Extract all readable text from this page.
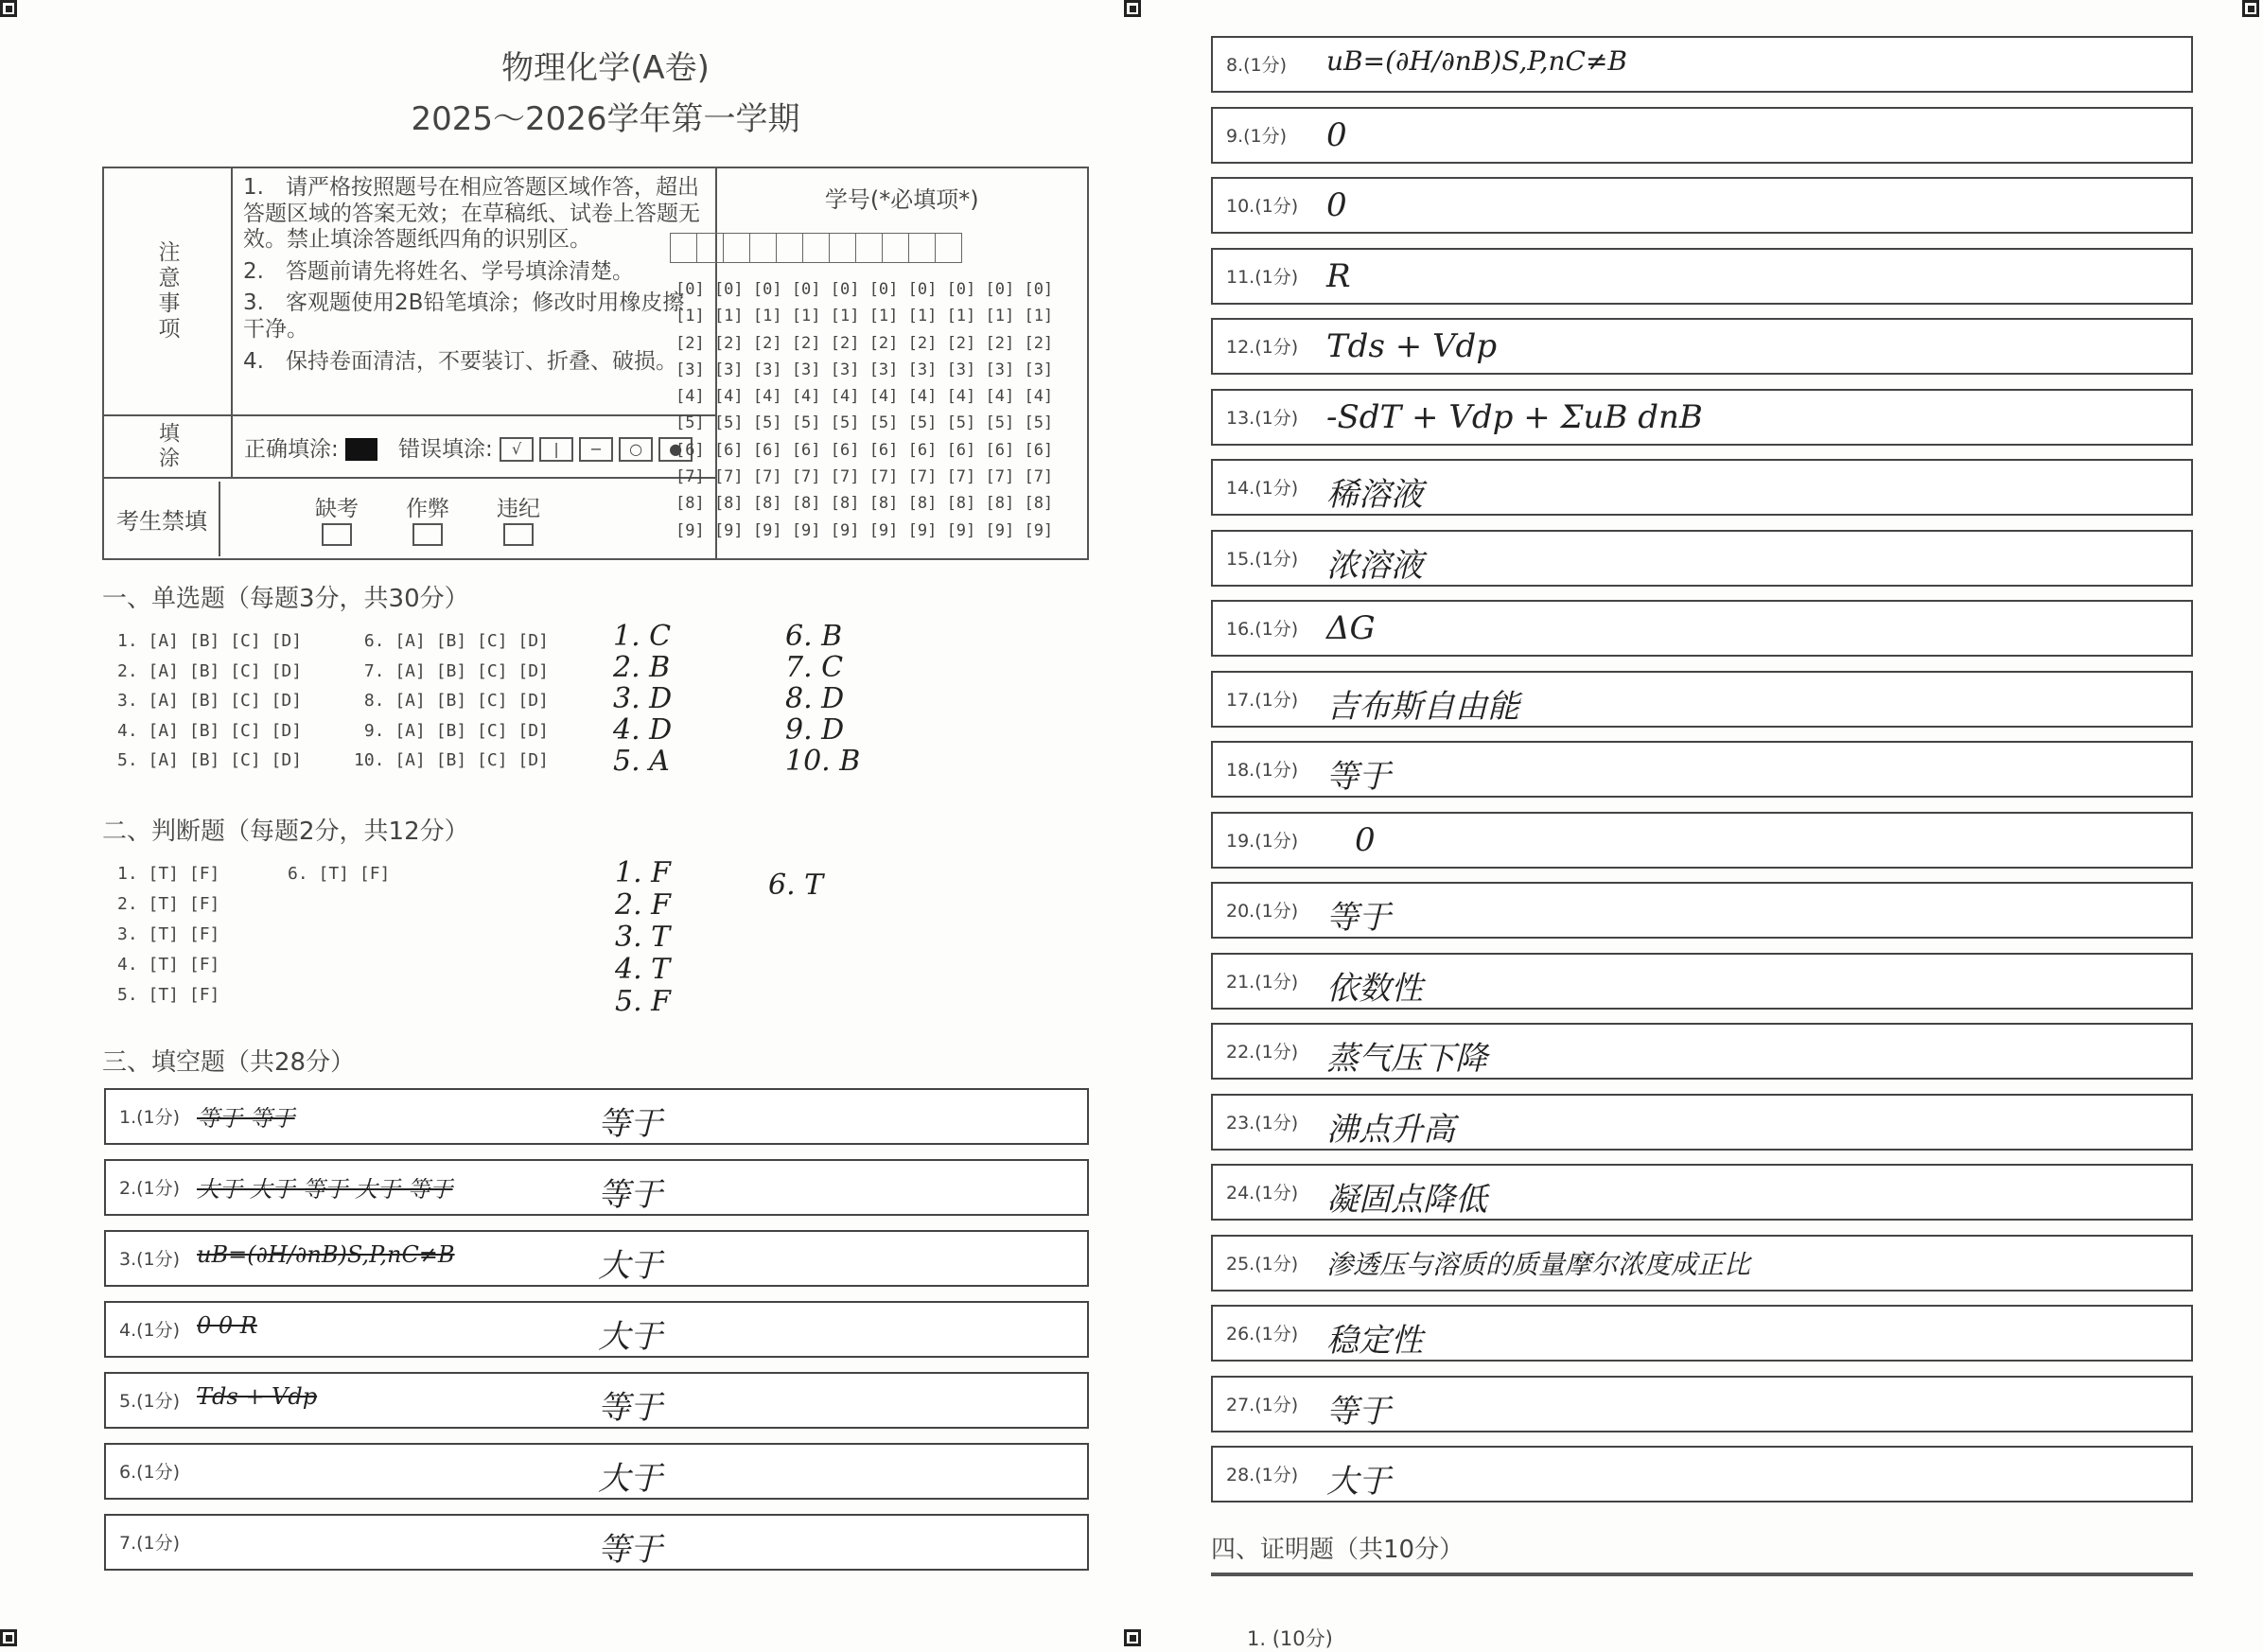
物理化学(A卷)
2025～2026学年第一学期
注意事项	1.　请严格按照题号在相应答题区域作答，超出答题区域的答案无效；在草稿纸、试卷上答题无效。禁止填涂答题纸四角的识别区。
2.　答题前请先将姓名、学号填涂清楚。
3.　客观题使用2B铅笔填涂；修改时用橡皮擦干净。
4.　保持卷面清洁，不要装订、折叠、破损。	学号(*必填项*)

填涂	正确填涂: 错误填涂: √ | − ○ ●	

考生禁填 缺考 作弊 违纪		
[0] [0] [0] [0] [0] [0] [0] [0] [0] [0]
[1] [1] [1] [1] [1] [1] [1] [1] [1] [1]
[2] [2] [2] [2] [2] [2] [2] [2] [2] [2]
[3] [3] [3] [3] [3] [3] [3] [3] [3] [3]
[4] [4] [4] [4] [4] [4] [4] [4] [4] [4]
[5] [5] [5] [5] [5] [5] [5] [5] [5] [5]
[6] [6] [6] [6] [6] [6] [6] [6] [6] [6]
[7] [7] [7] [7] [7] [7] [7] [7] [7] [7]
[8] [8] [8] [8] [8] [8] [8] [8] [8] [8]
[9] [9] [9] [9] [9] [9] [9] [9] [9] [9]
一、单选题（每题3分，共30分）
1. [A] [B] [C] [D]
2. [A] [B] [C] [D]
3. [A] [B] [C] [D]
4. [A] [B] [C] [D]
5. [A] [B] [C] [D]
6. [A] [B] [C] [D]
7. [A] [B] [C] [D]
8. [A] [B] [C] [D]
9. [A] [B] [C] [D]
10. [A] [B] [C] [D]
1. C
2. B
3. D
4. D
5. A
6. B
7. C
8. D
9. D
10. B
二、判断题（每题2分，共12分）
1. [T] [F]
2. [T] [F]
3. [T] [F]
4. [T] [F]
5. [T] [F]
6. [T] [F]	1. F
2. F
3. T
4. T
5. F
6. T
三、填空题（共28分）
1.(1分) 等于 等于	等于
2.(1分) 大于 大于 等于 大于 等于	等于
3.(1分) uB=(∂H/∂nB)S,P,nC≠B	大于
4.(1分) 0 0 R	大于
5.(1分) Tds + Vdp	等于
6.(1分)	大于
7.(1分)	等于
8.(1分) uB=(∂H/∂nB)S,P,nC≠B
9.(1分) 0
10.(1分) 0
11.(1分) R
12.(1分) Tds + Vdp
13.(1分) -SdT + Vdp + ΣuB dnB
14.(1分) 稀溶液
15.(1分) 浓溶液
16.(1分) ΔG
17.(1分) 吉布斯自由能
18.(1分) 等于
19.(1分) 0
20.(1分) 等于
21.(1分) 依数性
22.(1分) 蒸气压下降
23.(1分) 沸点升高
24.(1分) 凝固点降低
25.(1分) 渗透压与溶质的质量摩尔浓度成正比
26.(1分) 稳定性
27.(1分) 等于
28.(1分) 大于
四、证明题（共10分）
1. (10分)
